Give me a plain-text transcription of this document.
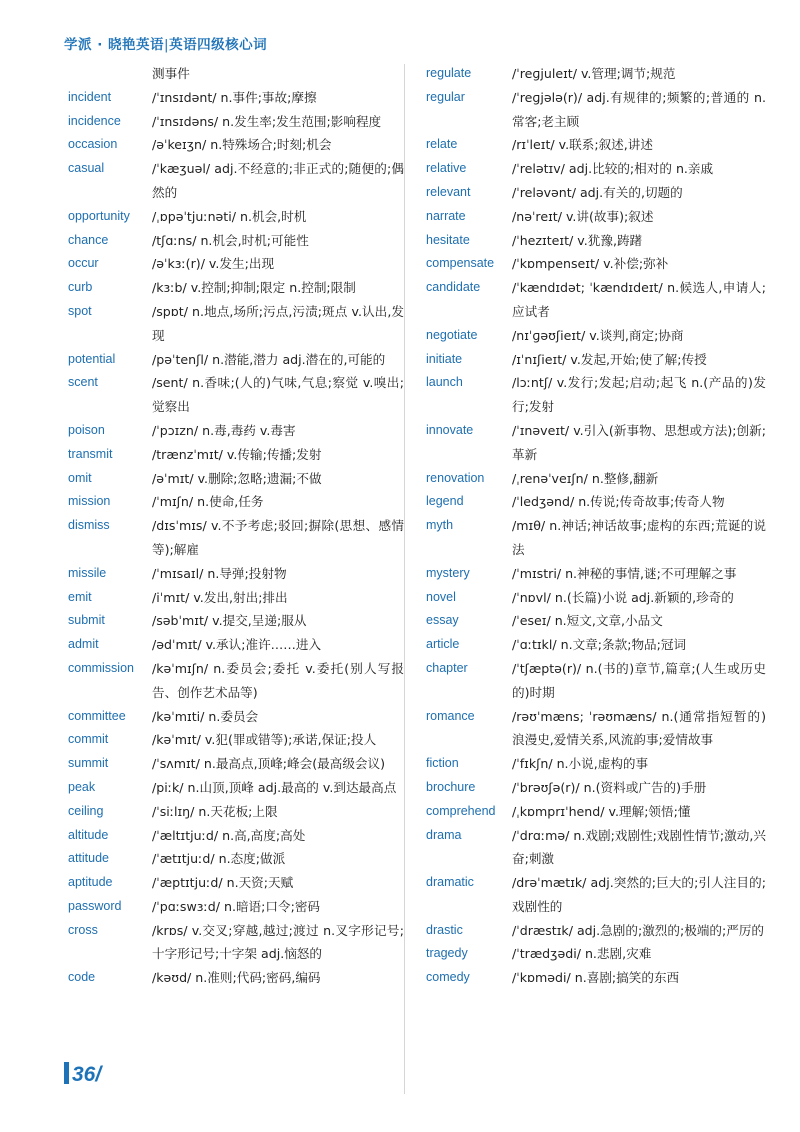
学派 · 晓艳英语|英语四级核心词
测事件
incident	/ˈɪnsɪdənt/ n.事件;事故;摩擦
incidence	/ˈɪnsɪdəns/ n.发生率;发生范围;影响程度
occasion	/əˈkeɪʒn/ n.特殊场合;时刻;机会
casual	/ˈkæʒuəl/ adj.不经意的;非正式的;随便的;偶然的
opportunity	/ˌɒpəˈtjuːnəti/ n.机会,时机
chance	/tʃɑːns/ n.机会,时机;可能性
occur	/əˈkɜː(r)/ v.发生;出现
curb	/kɜːb/ v.控制;抑制;限定 n.控制;限制
spot	/spɒt/ n.地点,场所;污点,污渍;斑点 v.认出,发现
potential	/pəˈtenʃl/ n.潜能,潜力 adj.潜在的,可能的
scent	/sent/ n.香味;(人的)气味,气息;察觉 v.嗅出;觉察出
poison	/ˈpɔɪzn/ n.毒,毒药 v.毒害
transmit	/trænzˈmɪt/ v.传输;传播;发射
omit	/əˈmɪt/ v.删除;忽略;遗漏;不做
mission	/ˈmɪʃn/ n.使命,任务
dismiss	/dɪsˈmɪs/ v.不予考虑;驳回;摒除(思想、感情等);解雇
missile	/ˈmɪsaɪl/ n.导弹;投射物
emit	/iˈmɪt/ v.发出,射出;排出
submit	/səbˈmɪt/ v.提交,呈递;服从
admit	/ədˈmɪt/ v.承认;准许……进入
commission	/kəˈmɪʃn/ n.委员会;委托 v.委托(别人写报告、创作艺术品等)
committee	/kəˈmɪti/ n.委员会
commit	/kəˈmɪt/ v.犯(罪或错等);承诺,保证;投人
summit	/ˈsʌmɪt/ n.最高点,顶峰;峰会(最高级会议)
peak	/piːk/ n.山顶,顶峰 adj.最高的 v.到达最高点
ceiling	/ˈsiːlɪŋ/ n.天花板;上限
altitude	/ˈæltɪtjuːd/ n.高,高度;高处
attitude	/ˈætɪtjuːd/ n.态度;做派
aptitude	/ˈæptɪtjuːd/ n.天资;天赋
password	/ˈpɑːswɜːd/ n.暗语;口令;密码
cross	/krɒs/ v.交叉;穿越,越过;渡过 n.叉字形记号;十字形记号;十字架 adj.恼怒的
code	/kəʊd/ n.准则;代码;密码,编码
regulate	/ˈreɡjuleɪt/ v.管理;调节;规范
regular	/ˈreɡjələ(r)/ adj.有规律的;频繁的;普通的 n.常客;老主顾
relate	/rɪˈleɪt/ v.联系;叙述,讲述
relative	/ˈrelətɪv/ adj.比较的;相对的 n.亲戚
relevant	/ˈreləvənt/ adj.有关的,切题的
narrate	/nəˈreɪt/ v.讲(故事);叙述
hesitate	/ˈhezɪteɪt/ v.犹豫,踌躇
compensate	/ˈkɒmpenseɪt/ v.补偿;弥补
candidate	/ˈkændɪdət; ˈkændɪdeɪt/ n.候选人,申请人;应试者
negotiate	/nɪˈɡəʊʃieɪt/ v.谈判,商定;协商
initiate	/ɪˈnɪʃieɪt/ v.发起,开始;使了解;传授
launch	/lɔːntʃ/ v.发行;发起;启动;起飞 n.(产品的)发行;发射
innovate	/ˈɪnəveɪt/ v.引入(新事物、思想或方法);创新;革新
renovation	/ˌrenəˈveɪʃn/ n.整修,翻新
legend	/ˈledʒənd/ n.传说;传奇故事;传奇人物
myth	/mɪθ/ n.神话;神话故事;虚构的东西;荒诞的说法
mystery	/ˈmɪstri/ n.神秘的事情,谜;不可理解之事
novel	/ˈnɒvl/ n.(长篇)小说 adj.新颖的,珍奇的
essay	/ˈeseɪ/ n.短文,文章,小品文
article	/ˈɑːtɪkl/ n.文章;条款;物品;冠词
chapter	/ˈtʃæptə(r)/ n.(书的)章节,篇章;(人生或历史的)时期
romance	/rəʊˈmæns; ˈrəʊmæns/ n.(通常指短暂的)浪漫史,爱情关系,风流韵事;爱情故事
fiction	/ˈfɪkʃn/ n.小说,虚构的事
brochure	/ˈbrəʊʃə(r)/ n.(资料或广告的)手册
comprehend	/ˌkɒmprɪˈhend/ v.理解;领悟;懂
drama	/ˈdrɑːmə/ n.戏剧;戏剧性;戏剧性情节;激动,兴奋;刺激
dramatic	/drəˈmætɪk/ adj.突然的;巨大的;引人注目的;戏剧性的
drastic	/ˈdræstɪk/ adj.急剧的;激烈的;极端的;严厉的
tragedy	/ˈtrædʒədi/ n.悲剧,灾难
comedy	/ˈkɒmədi/ n.喜剧;搞笑的东西
36/
